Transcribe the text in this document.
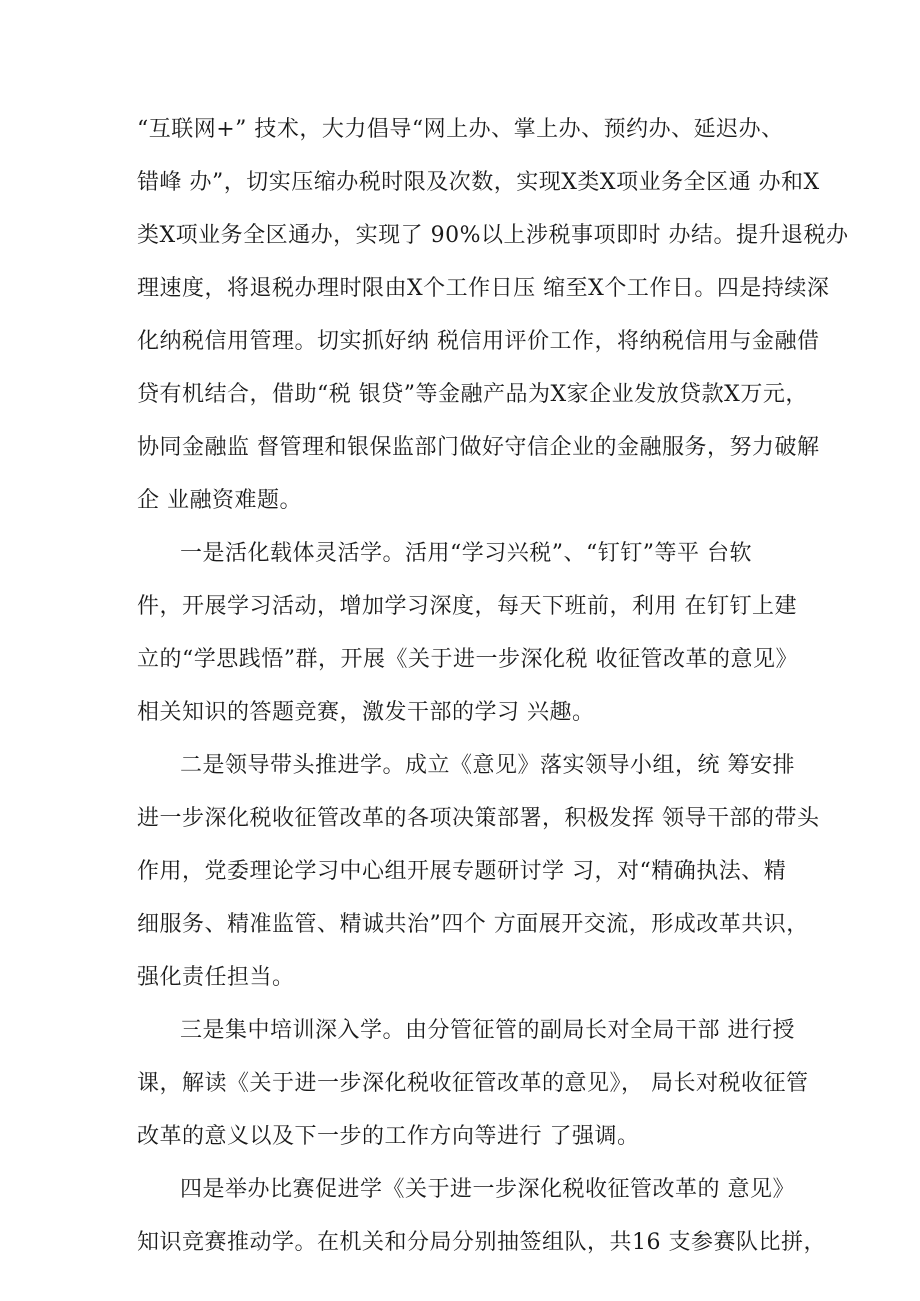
“互联网+” 技术，大力倡导“网上办、掌上办、预约办、延迟办、
错峰 办”，切实压缩办税时限及次数，实现X类X项业务全区通 办和X
类X项业务全区通办，实现了 90%以上涉税事项即时 办结。提升退税办
理速度，将退税办理时限由X个工作日压 缩至X个工作日。四是持续深
化纳税信用管理。切实抓好纳 税信用评价工作，将纳税信用与金融借
贷有机结合，借助“税 银贷”等金融产品为X家企业发放贷款X万元，
协同金融监 督管理和银保监部门做好守信企业的金融服务，努力破解
企 业融资难题。
一是活化载体灵活学。活用“学习兴税”、“钉钉”等平 台软
件，开展学习活动，增加学习深度，每天下班前，利用 在钉钉上建
立的“学思践悟”群，开展《关于进一步深化税 收征管改革的意见》
相关知识的答题竞赛，激发干部的学习 兴趣。
二是领导带头推进学。成立《意见》落实领导小组，统 筹安排
进一步深化税收征管改革的各项决策部署，积极发挥 领导干部的带头
作用，党委理论学习中心组开展专题研讨学 习，对“精确执法、精
细服务、精准监管、精诚共治”四个 方面展开交流，形成改革共识，
强化责任担当。
三是集中培训深入学。由分管征管的副局长对全局干部 进行授
课，解读《关于进一步深化税收征管改革的意见》， 局长对税收征管
改革的意义以及下一步的工作方向等进行 了强调。
四是举办比赛促进学《关于进一步深化税收征管改革的 意见》
知识竞赛推动学。在机关和分局分别抽签组队，共16 支参赛队比拼，
